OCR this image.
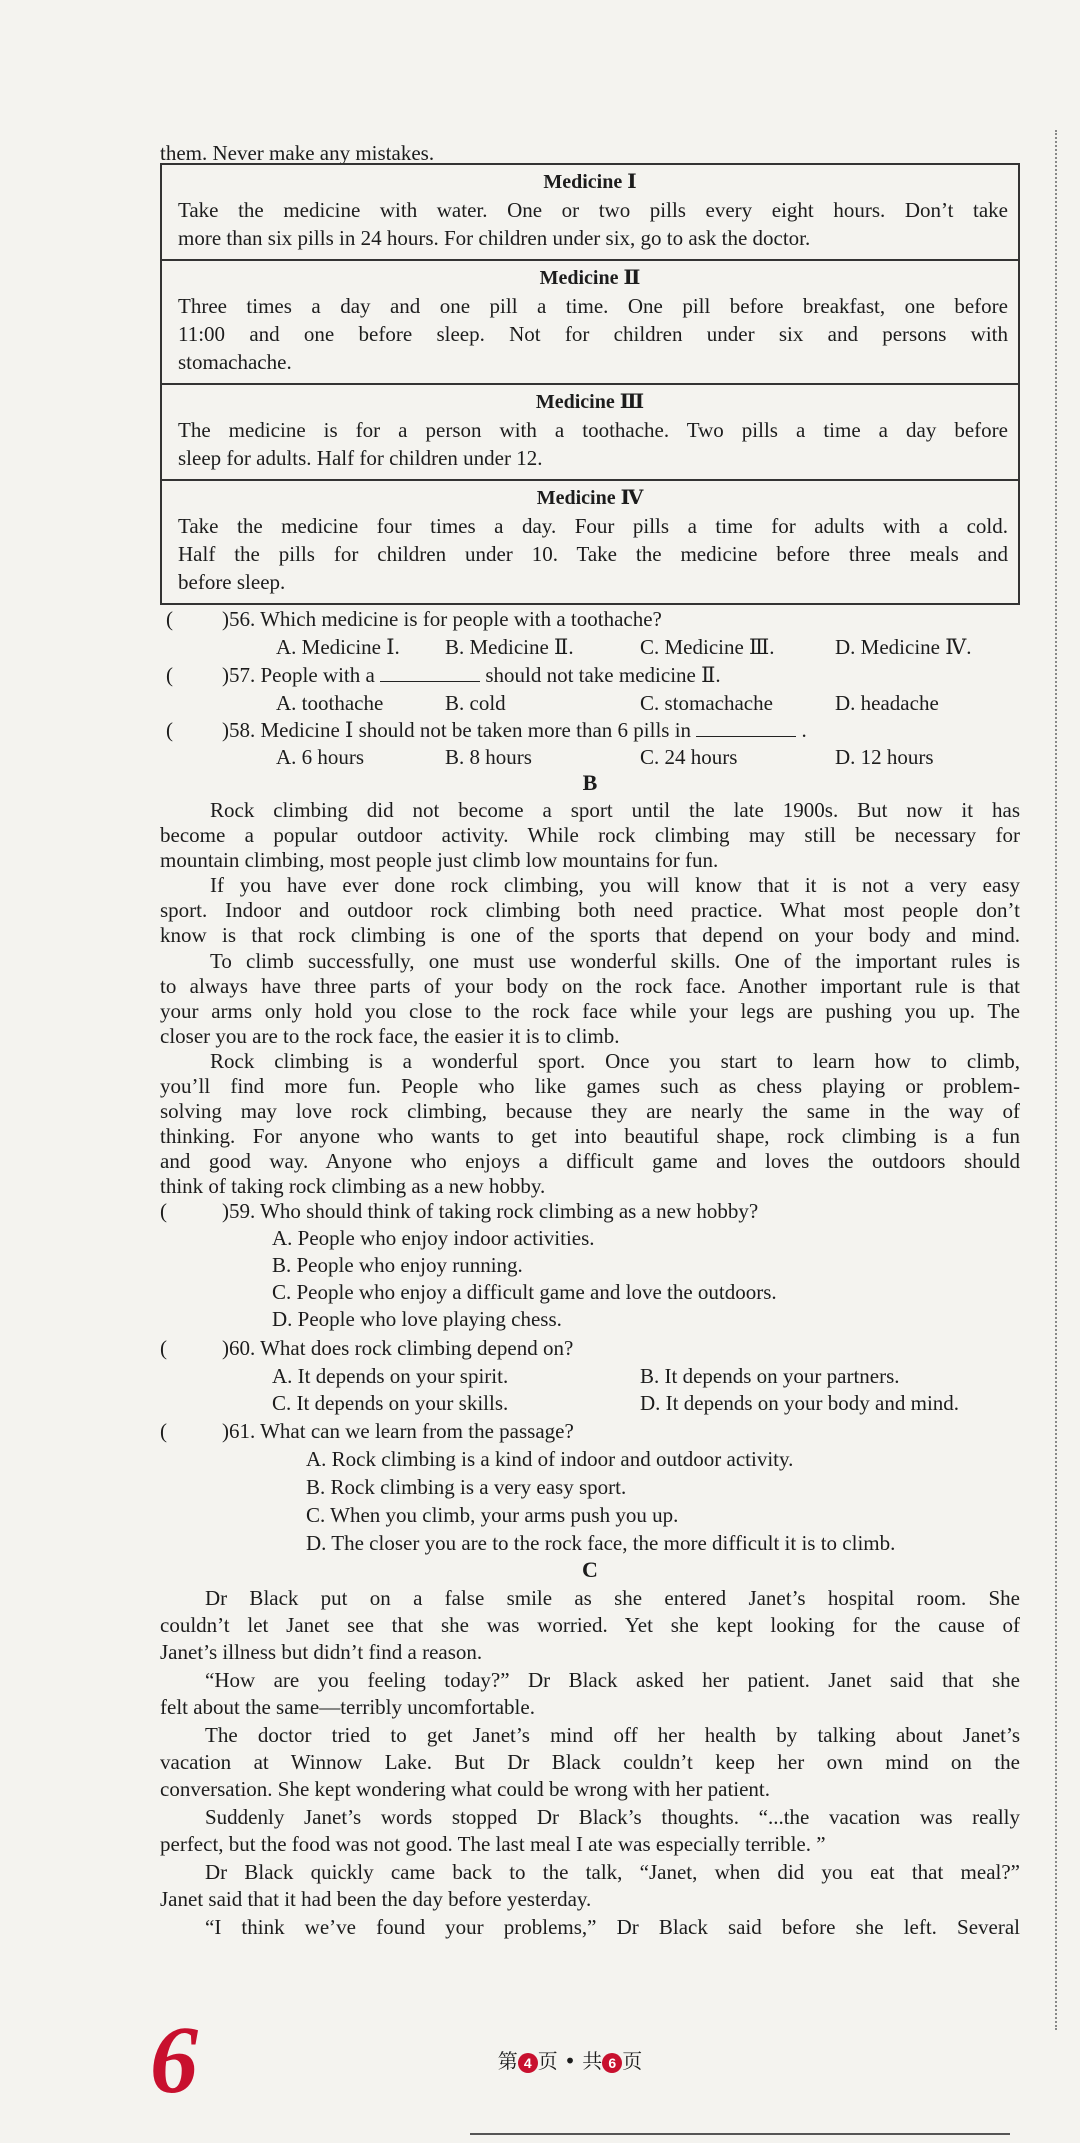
them. Never make any mistakes.
Medicine Ⅰ
Take the medicine with water. One or two pills every eight hours. Don’t take
more than six pills in 24 hours. For children under six, go to ask the doctor.
Medicine Ⅱ
Three times a day and one pill a time. One pill before breakfast, one before
11:00 and one before sleep. Not for children under six and persons with
stomachache.
Medicine Ⅲ
The medicine is for a person with a toothache. Two pills a time a day before
sleep for adults. Half for children under 12.
Medicine Ⅳ
Take the medicine four times a day. Four pills a time for adults with a cold.
Half the pills for children under 10. Take the medicine before three meals and
before sleep.
( )56. Which medicine is for people with a toothache?
A. Medicine Ⅰ. B. Medicine Ⅱ.	C. Medicine Ⅲ.	D. Medicine Ⅳ.
( )57. People with a	should not take medicine Ⅱ.
A. toothache	B. cold	C. stomachache	D. headache
( )58. Medicine Ⅰ should not be taken more than 6 pills in	.
A. 6 hours	B. 8 hours	C. 24 hours	D. 12 hours
B
Rock climbing did not become a sport until the late 1900s. But now it has
become a popular outdoor activity. While rock climbing may still be necessary for
mountain climbing, most people just climb low mountains for fun.
If you have ever done rock climbing, you will know that it is not a very easy
sport. Indoor and outdoor rock climbing both need practice. What most people don’t
know is that rock climbing is one of the sports that depend on your body and mind.
To climb successfully, one must use wonderful skills. One of the important rules is
to always have three parts of your body on the rock face. Another important rule is that
your arms only hold you close to the rock face while your legs are pushing you up. The
closer you are to the rock face, the easier it is to climb.
Rock climbing is a wonderful sport. Once you start to learn how to climb,
you’ll find more fun. People who like games such as chess playing or problem-
solving may love rock climbing, because they are nearly the same in the way of
thinking. For anyone who wants to get into beautiful shape, rock climbing is a fun
and good way. Anyone who enjoys a difficult game and loves the outdoors should
think of taking rock climbing as a new hobby.
(	)59. Who should think of taking rock climbing as a new hobby?
A. People who enjoy indoor activities.
B. People who enjoy running.
C. People who enjoy a difficult game and love the outdoors.
D. People who love playing chess.
(	)60. What does rock climbing depend on?
A. It depends on your spirit.	B. It depends on your partners.
C. It depends on your skills.	D. It depends on your body and mind.
(	)61. What can we learn from the passage?
A. Rock climbing is a kind of indoor and outdoor activity.
B. Rock climbing is a very easy sport.
C. When you climb, your arms push you up.
D. The closer you are to the rock face, the more difficult it is to climb.
C
Dr Black put on a false smile as she entered Janet’s hospital room. She
couldn’t let Janet see that she was worried. Yet she kept looking for the cause of
Janet’s illness but didn’t find a reason.
“How are you feeling today?” Dr Black asked her patient. Janet said that she
felt about the same—terribly uncomfortable.
The doctor tried to get Janet’s mind off her health by talking about Janet’s
vacation at Winnow Lake. But Dr Black couldn’t keep her own mind on the
conversation. She kept wondering what could be wrong with her patient.
Suddenly Janet’s words stopped Dr Black’s thoughts. “...the vacation was really
perfect, but the food was not good. The last meal I ate was especially terrible. ”
Dr Black quickly came back to the talk, “Janet, when did you eat that meal?”
Janet said that it had been the day before yesterday.
“I think we’ve found your problems,” Dr Black said before she left. Several
6	第 4 页 • 共 6 页
